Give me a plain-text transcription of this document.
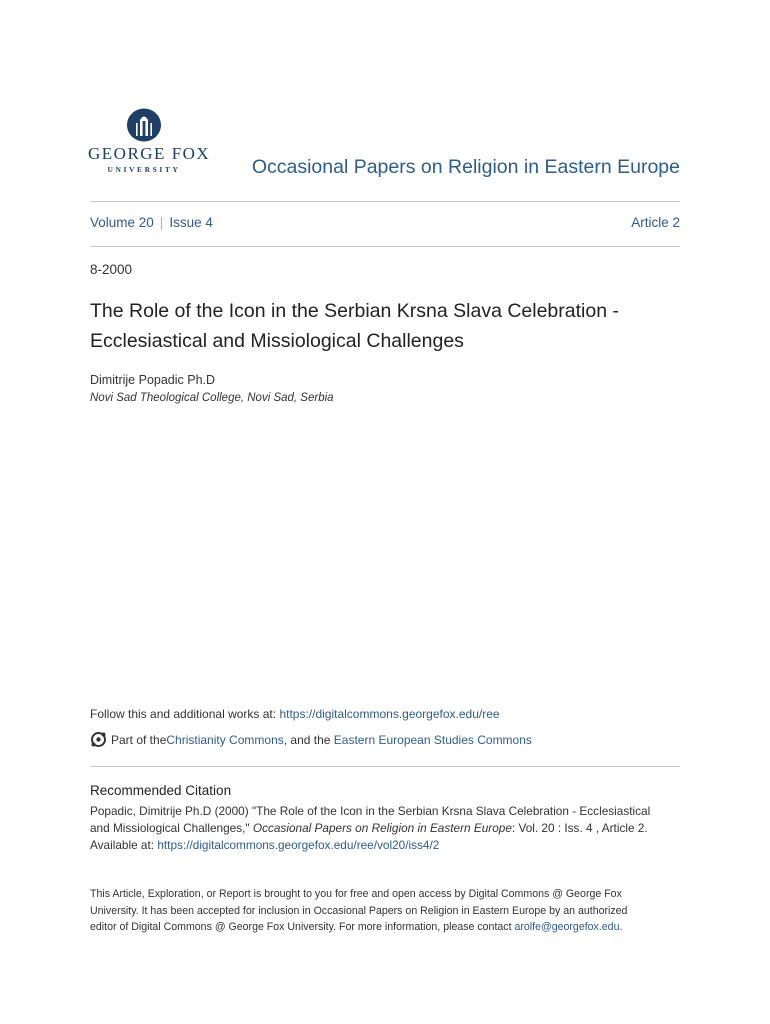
GEORGE FOX
UNIVERSITY	Occasional Papers on Religion in Eastern Europe
Volume 20 | Issue 4	Article 2
8-2000
The Role of the Icon in the Serbian Krsna Slava Celebration -
Ecclesiastical and Missiological Challenges
Dimitrije Popadic Ph.D
Novi Sad Theological College, Novi Sad, Serbia
Follow this and additional works at: https://digitalcommons.georgefox.edu/ree
Part of the Christianity Commons , and the Eastern European Studies Commons
Recommended Citation
Popadic, Dimitrije Ph.D (2000) "The Role of the Icon in the Serbian Krsna Slava Celebration - Ecclesiastical
and Missiological Challenges," Occasional Papers on Religion in Eastern Europe: Vol. 20 : Iss. 4 , Article 2.
Available at: https://digitalcommons.georgefox.edu/ree/vol20/iss4/2
This Article, Exploration, or Report is brought to you for free and open access by Digital Commons @ George Fox
University. It has been accepted for inclusion in Occasional Papers on Religion in Eastern Europe by an authorized
editor of Digital Commons @ George Fox University. For more information, please contact arolfe@georgefox.edu.
